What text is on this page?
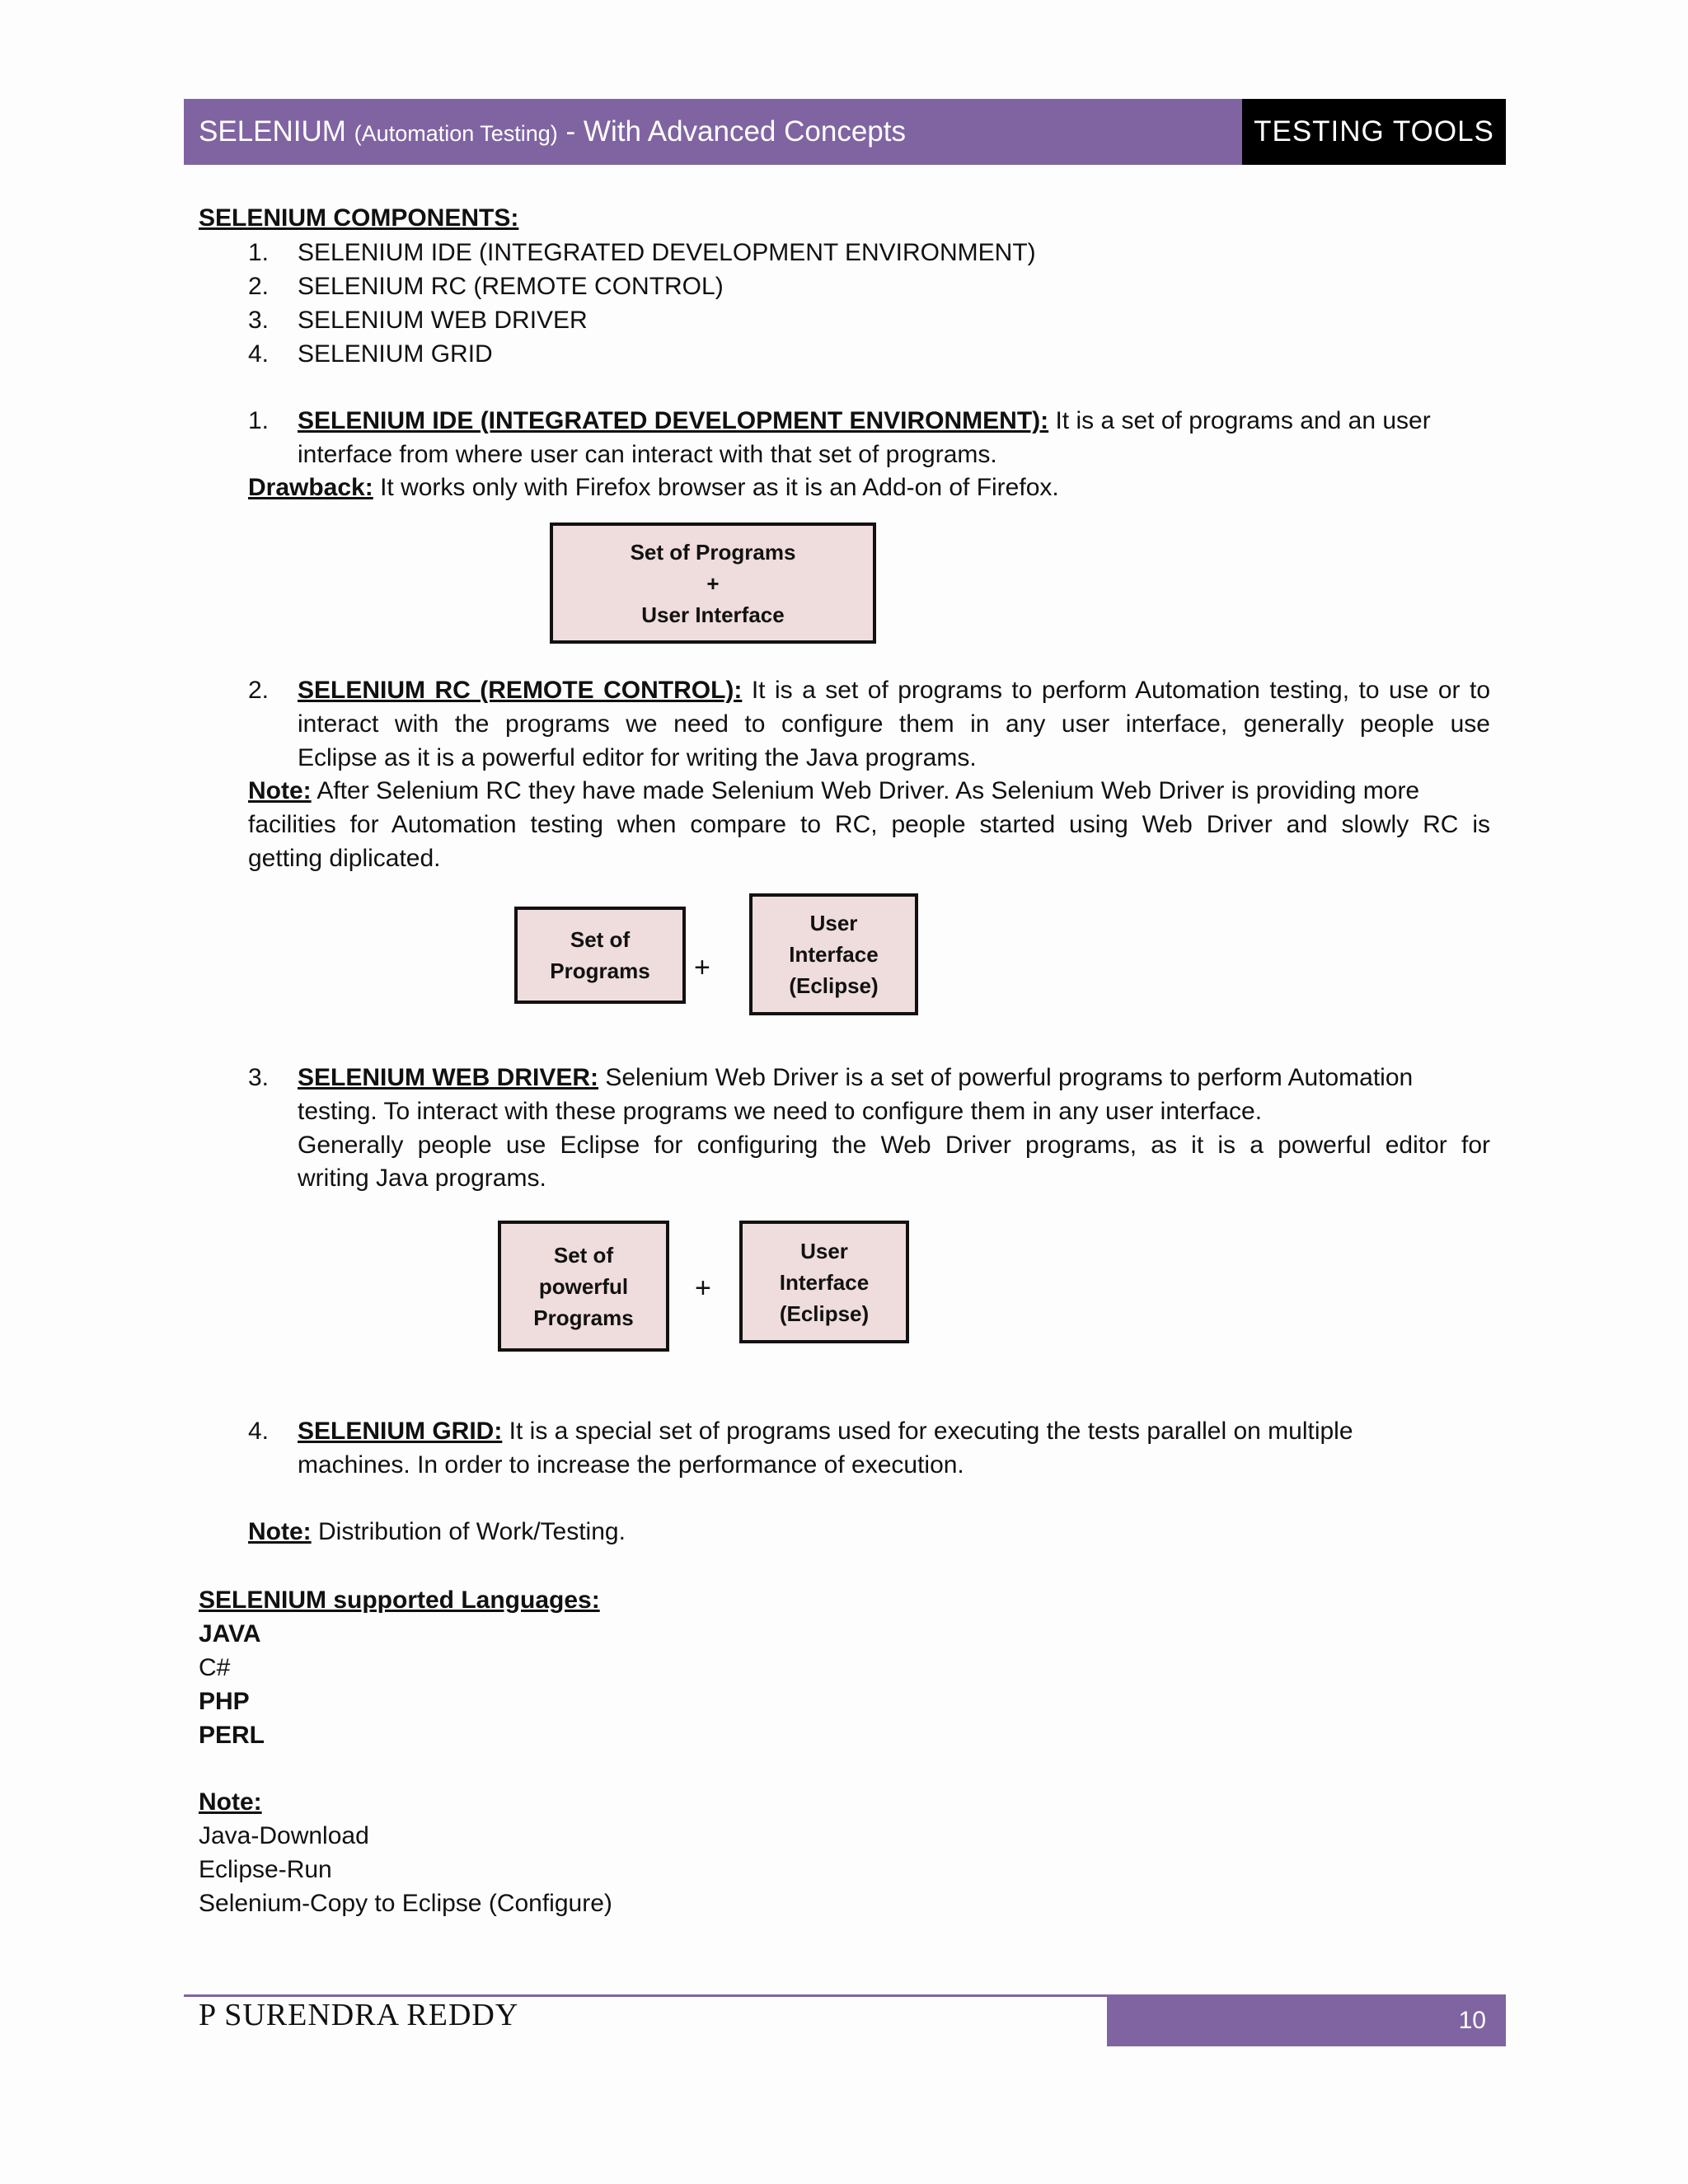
SELENIUM (Automation Testing) - With Advanced Concepts	TESTING TOOLS
SELENIUM COMPONENTS:
1. SELENIUM IDE (INTEGRATED DEVELOPMENT ENVIRONMENT)
2. SELENIUM RC (REMOTE CONTROL)
3. SELENIUM WEB DRIVER
4. SELENIUM GRID
1. SELENIUM IDE (INTEGRATED DEVELOPMENT ENVIRONMENT): It is a set of programs and an user
interface from where user can interact with that set of programs.
Drawback: It works only with Firefox browser as it is an Add-on of Firefox.
Set of Programs
+
User Interface
2. SELENIUM RC (REMOTE CONTROL): It is a set of programs to perform Automation testing, to use or to
interact with the programs we need to configure them in any user interface, generally people use
Eclipse as it is a powerful editor for writing the Java programs.
Note: After Selenium RC they have made Selenium Web Driver. As Selenium Web Driver is providing more
facilities for Automation testing when compare to RC, people started using Web Driver and slowly RC is
getting diplicated.
Set of
Programs +
User
Interface
(Eclipse)
3. SELENIUM WEB DRIVER: Selenium Web Driver is a set of powerful programs to perform Automation
testing. To interact with these programs we need to configure them in any user interface.
Generally people use Eclipse for configuring the Web Driver programs, as it is a powerful editor for
writing Java programs.
Set of
powerful
Programs
+
User
Interface
(Eclipse)
4. SELENIUM GRID: It is a special set of programs used for executing the tests parallel on multiple
machines. In order to increase the performance of execution.
Note: Distribution of Work/Testing.
SELENIUM supported Languages:
JAVA
C#
PHP
PERL
Note:
Java-Download
Eclipse-Run
Selenium-Copy to Eclipse (Configure)
P SURENDRA REDDY	10
